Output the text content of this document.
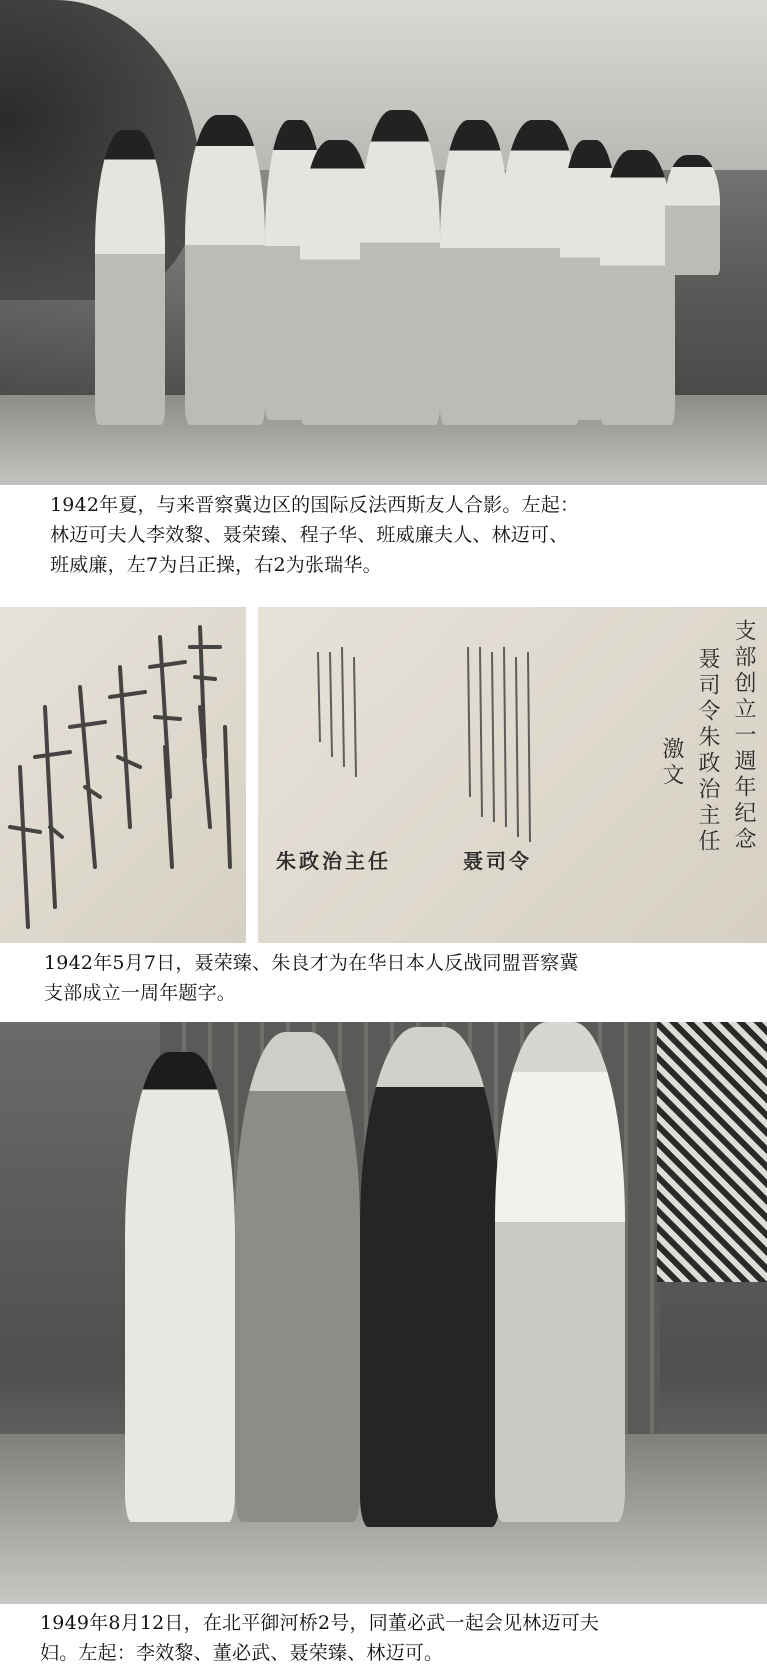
1942年夏，与来晋察冀边区的国际反法西斯友人合影。左起：
林迈可夫人李效黎、聂荣臻、程子华、班威廉夫人、林迈可、
班威廉，左7为吕正操，右2为张瑞华。
支部创立一週年纪念
聂司令朱政治主任
激文
聂司令
朱政治主任
1942年5月7日，聂荣臻、朱良才为在华日本人反战同盟晋察冀
支部成立一周年题字。
1949年8月12日，在北平御河桥2号，同董必武一起会见林迈可夫
妇。左起：李效黎、董必武、聂荣臻、林迈可。
